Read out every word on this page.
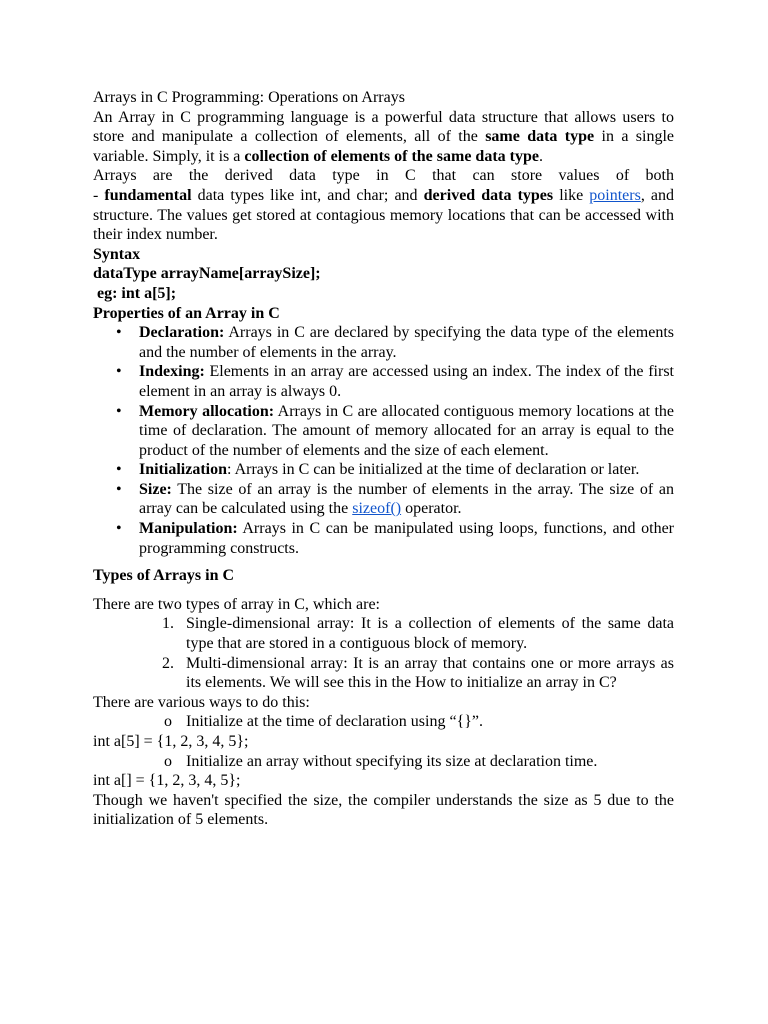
Arrays in C Programming: Operations on Arrays

An Array in C programming language is a powerful data structure that allows users to store and manipulate a collection of elements, all of the same data type in a single variable. Simply, it is a collection of elements of the same data type.

Arrays are the derived data type in C that can store values of both

- fundamental data types like int, and char; and derived data types like pointers, and structure. The values get stored at contagious memory locations that can be accessed with their index number.

Syntax

dataType arrayName[arraySize];

eg: int a[5];

Properties of an Array in C

• Declaration: Arrays in C are declared by specifying the data type of the elements and the number of elements in the array.
• Indexing: Elements in an array are accessed using an index. The index of the first element in an array is always 0.
• Memory allocation: Arrays in C are allocated contiguous memory locations at the time of declaration. The amount of memory allocated for an array is equal to the product of the number of elements and the size of each element.
• Initialization: Arrays in C can be initialized at the time of declaration or later.
• Size: The size of an array is the number of elements in the array. The size of an array can be calculated using the sizeof() operator.
• Manipulation: Arrays in C can be manipulated using loops, functions, and other programming constructs.

Types of Arrays in C

There are two types of array in C, which are:

1. Single-dimensional array: It is a collection of elements of the same data type that are stored in a contiguous block of memory.
2. Multi-dimensional array: It is an array that contains one or more arrays as its elements. We will see this in the How to initialize an array in C?

There are various ways to do this:

o Initialize at the time of declaration using “{}”.

int a[5] = {1, 2, 3, 4, 5};

o Initialize an array without specifying its size at declaration time.

int a[] = {1, 2, 3, 4, 5};

Though we haven't specified the size, the compiler understands the size as 5 due to the initialization of 5 elements.
